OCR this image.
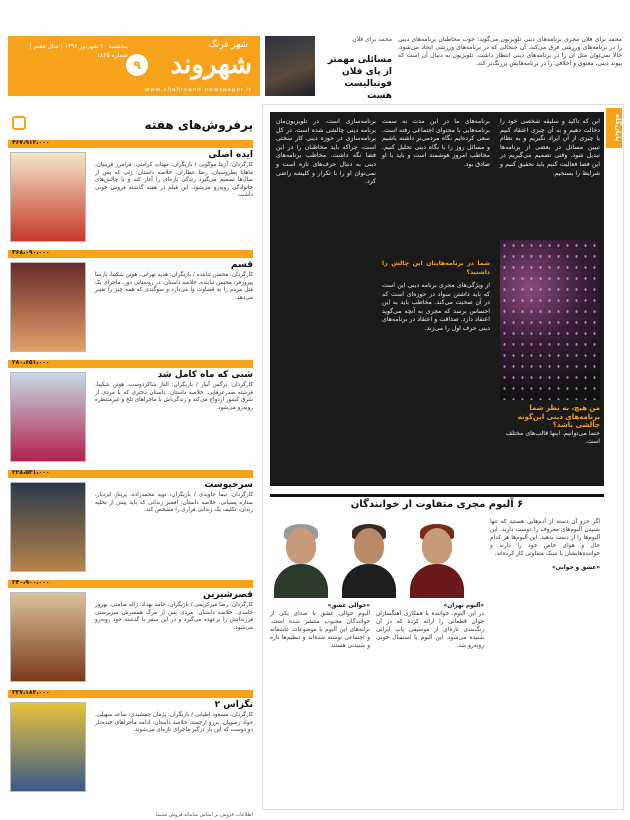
شهر فرنگ
شهروند
۹
پنجشنبه ۲۰ شهریور ۱۳۹۸ | سال هفتم | شماره ۱۸۶۵
www.shahrvand-newspaper.ir
محمد برای فلان
مسائلی مهمتر از پای فلان فوتبالیست هست
محمد برای فلان مجری برنامه‌های دینی تلویزیون می‌گوید: خوب مخاطبان برنامه‌های دینی را در برنامه‌های ورزشی فرق می‌کند. آن جنجالی که در برنامه‌های ورزشی ایجاد می‌شود، حالا نمی‌توان مثل آن را در برنامه‌های دینی انتظار داشت. تلویزیون به دنبال آن است که پیوند دینی، معنوی و اخلاقی را در برنامه‌هایش پررنگ‌تر کند.
پرفروش‌های هفته
۴۶۷،۹۱۲،۰۰۰
ایده اصلی
کارگردان: آزیتا موگویی / بازیگران: مهتاب کرامتی، فرامرز قریبیان، ماهایا پطروسیان، رضا عطاران. خلاصه داستان: زنی که پس از سال‌ها تصمیم می‌گیرد زندگی تازه‌ای را آغاز کند و با چالش‌های خانوادگی روبه‌رو می‌شود. این فیلم در هفته گذشته فروش خوبی داشت.
۳۶۸،۰۹۰،۰۰۰
قسم
کارگردان: محسن تنابنده / بازیگران: هدیه تهرانی، هوتن شکیبا، پارسا پیروزفر، محسن تنابنده. خلاصه داستان: در روستایی دور، ماجرای یک قتل مردم را به قضاوت وا می‌دارد و سوگندی که همه چیز را تغییر می‌دهد.
۲۸۰،۶۵۱،۰۰۰
شبی که ماه کامل شد
کارگردان: نرگس آبیار / بازیگران: الناز شاکردوست، هوتن شکیبا، فرشته صدرعرفایی. خلاصه داستان: داستان دختری که با مردی از شرق کشور ازدواج می‌کند و زندگی‌اش با ماجراهای تلخ و غیرمنتظره روبه‌رو می‌شود.
۲۲۸،۵۳۱،۰۰۰
سرخپوست
کارگردان: نیما جاویدی / بازیگران: نوید محمدزاده، پریناز ایزدیار، ستاره پسیانی. خلاصه داستان: افسر زندانی که باید پیش از تخلیه زندان، تکلیف یک زندانی فراری را مشخص کند.
۲۴۰،۹۰۰،۰۰۰
قصرشیرین
کارگردان: رضا میرکریمی / بازیگران: حامد بهداد، ژاله صامتی، بهروز حامدی. خلاصه داستان: مردی پس از مرگ همسرش سرپرستی فرزندانش را برعهده می‌گیرد و در این سفر با گذشته خود روبه‌رو می‌شود.
۳۳۷،۱۸۲،۰۰۰
تگزاس ۲
کارگردان: مسعود اطیابی / بازیگران: پژمان جمشیدی، ساعد سهیلی، جواد رضویان، برزو ارجمند. خلاصه داستان: ادامه ماجراهای خنده‌دار دو دوست که این بار درگیر ماجرای تازه‌ای می‌شوند.
پایان‌گاه
برنامه‌سازی است. در تلویزیون‌مان برنامه دینی چالشی شده است. در کل برنامه‌سازی در حوزه دینی کار سختی است، چراکه باید مخاطبان را در این فضا نگه داشت. مخاطب برنامه‌های دینی به دنبال حرف‌های تازه است و نمی‌توان او را با تکرار و کلیشه راضی کرد.
برنامه‌های ما در این مدت به سمت برنامه‌هایی با محتوای اجتماعی رفته است. سعی کرده‌ایم نگاه مردمی‌تر داشته باشیم و مسائل روز را با نگاه دینی تحلیل کنیم. مخاطب امروز هوشمند است و باید با او صادق بود.
این که تاکید و سلیقه شخصی خود را دخالت دهیم و به آن چیزی اعتقاد کنیم یا چیزی از آن ایراد نگیریم و به نظام تبیین مسائل در بعضی از برنامه‌ها تبدیل شود. وقتی تصمیم می‌گیریم در این فضا فعالیت کنیم باید تحقیق کنیم و شرایط را بسنجیم.
شما در برنامه‌هایتان این چالش را داشتید؟
از ویژگی‌های مجری برنامه دینی این است که باید داشتن سواد در حوزه‌ای است که در آن صحبت می‌کند. مخاطب باید به این احساس برسد که مجری به آنچه می‌گوید اعتقاد دارد. صداقت و اعتقاد در برنامه‌های دینی حرف اول را می‌زند.
من هیچ، به نظر شما برنامه‌های دینی این‌گونه چالشی باشد؟
حتما می‌توانیم. اینها قالب‌های مختلف است.
۶ آلبوم مجری متفاوت از خوانندگان
«حوالی عشق»
آلبوم حوالی عشق با صدای یکی از خوانندگان محبوب منتشر شده است. ترانه‌های این آلبوم با موضوعات عاشقانه و اجتماعی نوشته شده‌اند و تنظیم‌ها تازه و شنیدنی هستند.
«آلبوم تهران»
در این آلبوم، خواننده با همکاری آهنگسازان جوان قطعاتی را ارائه کرده که در آن رنگ‌بندی تازه‌ای از موسیقی پاپ ایرانی شنیده می‌شود. این آلبوم با استقبال خوبی روبه‌رو شد.
اگر جزو آن دسته از آدم‌هایی هستید که تنها شنیدن آلبوم‌های معروف را دوست دارید، این آلبوم‌ها را از دست ندهید. این آلبوم‌ها هر کدام حال و هوای خاص خود را دارند و خواننده‌هایشان با سبک متفاوتی کار کرده‌اند.
«عشق و جوانی»
اطلاعات فروش بر اساس سامانه فروش سینما
